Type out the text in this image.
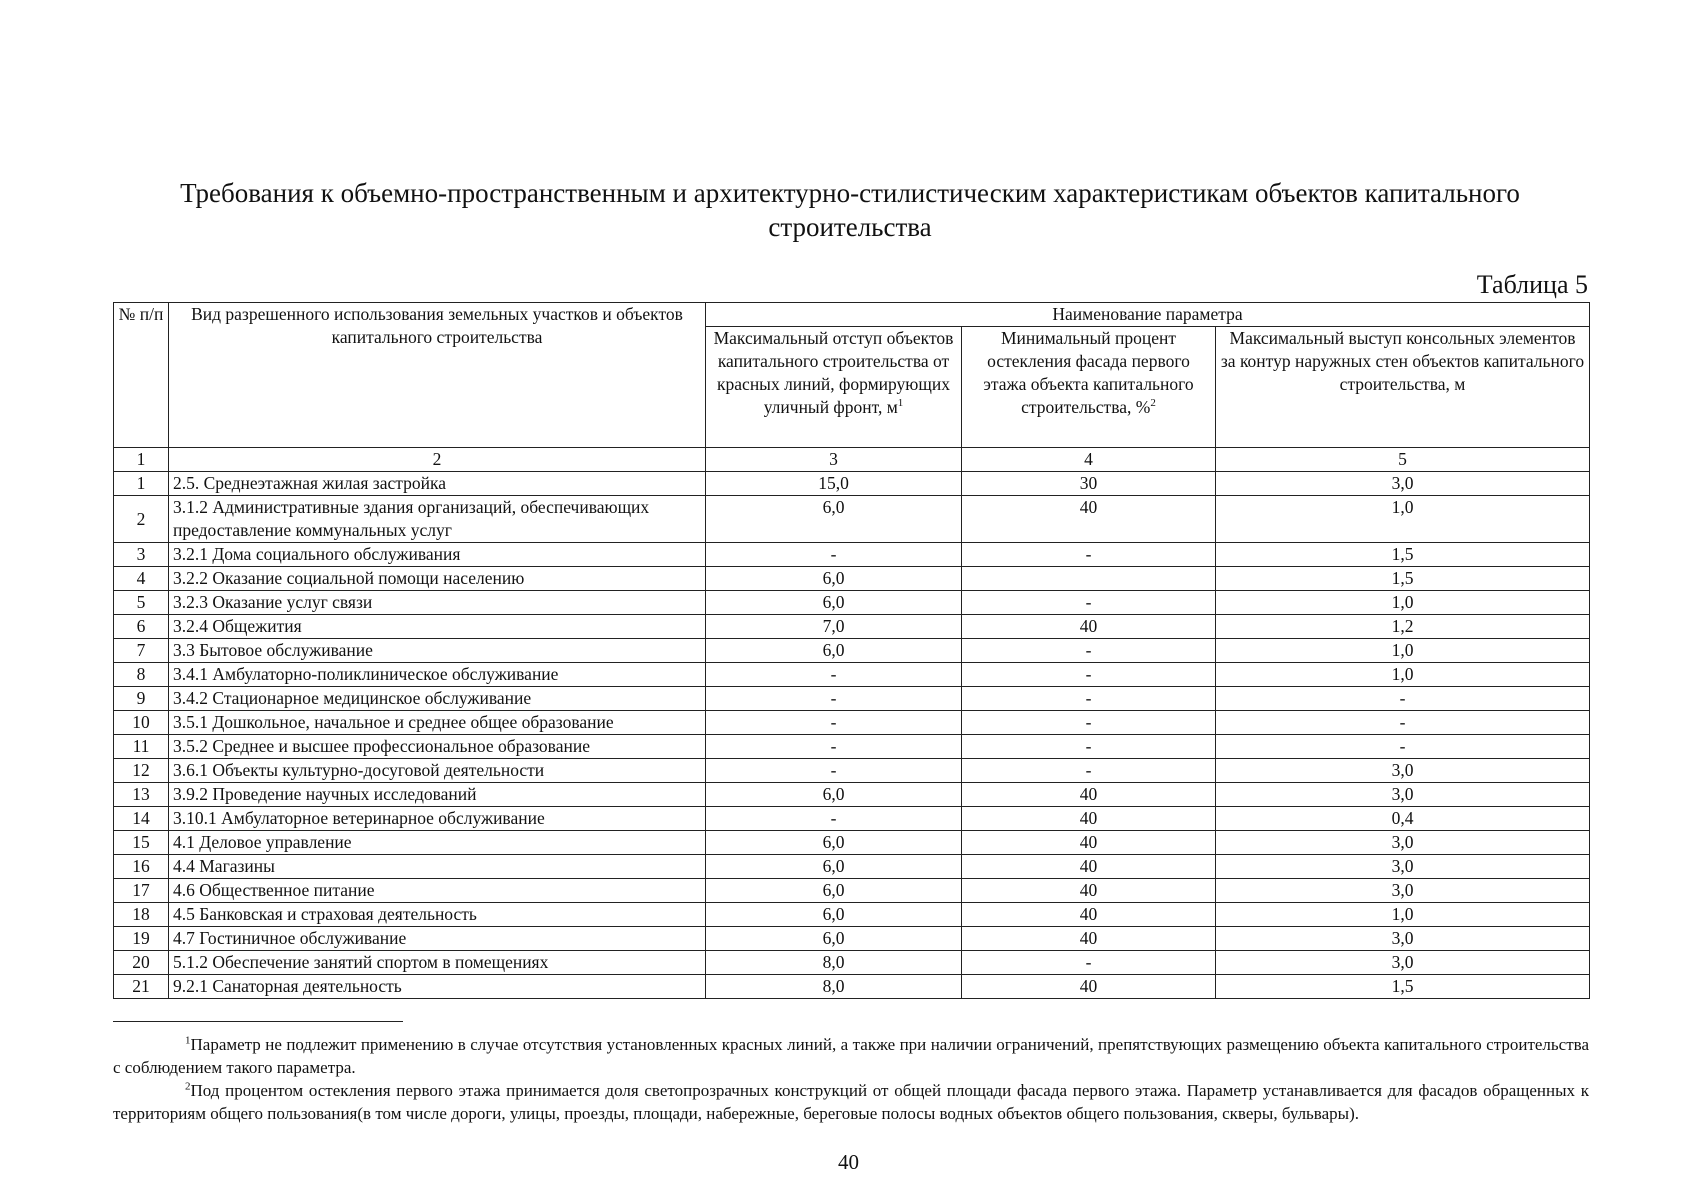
Требования к объемно-пространственным и архитектурно-стилистическим характеристикам объектов капитального строительства
Таблица 5
№ п/п	Вид разрешенного использования земельных участков и объектов капитального строительства	Наименование параметра		
		Максимальный отступ объектов капитального строительства от красных линий, формирующих уличный фронт, $м^1$	Минимальный процент остекления фасада первого этажа объекта капитального строительства, %$^2$	Максимальный выступ консольных элементов за контур наружных стен объектов капитального строительства, м
1	2	3	4	5
1	2.5. Среднеэтажная жилая застройка	15,0	30	3,0
2	3.1.2 Административные здания организаций, обеспечивающих предоставление коммунальных услуг	6,0	40	1,0
3	3.2.1 Дома социального обслуживания	-	-	1,5
4	3.2.2 Оказание социальной помощи населению	6,0		1,5
5	3.2.3 Оказание услуг связи	6,0	-	1,0
6	3.2.4 Общежития	7,0	40	1,2
7	3.3 Бытовое обслуживание	6,0	-	1,0
8	3.4.1 Амбулаторно-поликлиническое обслуживание	-	-	1,0
9	3.4.2 Стационарное медицинское обслуживание	-	-	-
10	3.5.1 Дошкольное, начальное и среднее общее образование	-	-	-
11	3.5.2 Среднее и высшее профессиональное образование	-	-	-
12	3.6.1 Объекты культурно-досуговой деятельности	-	-	3,0
13	3.9.2 Проведение научных исследований	6,0	40	3,0
14	3.10.1 Амбулаторное ветеринарное обслуживание	-	40	0,4
15	4.1 Деловое управление	6,0	40	3,0
16	4.4 Магазины	6,0	40	3,0
17	4.6 Общественное питание	6,0	40	3,0
18	4.5 Банковская и страховая деятельность	6,0	40	1,0
19	4.7 Гостиничное обслуживание	6,0	40	3,0
20	5.1.2 Обеспечение занятий спортом в помещениях	8,0	-	3,0
21	9.2.1 Санаторная деятельность	8,0	40	1,5

$^1$Параметр не подлежит применению в случае отсутствия установленных красных линий, а также при наличии ограничений, препятствующих размещению объекта капитального строительства с соблюдением такого параметра.

$^2$Под процентом остекления первого этажа принимается доля светопрозрачных конструкций от общей площади фасада первого этажа. Параметр устанавливается для фасадов обращенных к территориям общего пользования(в том числе дороги, улицы, проезды, площади, набережные, береговые полосы водных объектов общего пользования, скверы, бульвары).

40
